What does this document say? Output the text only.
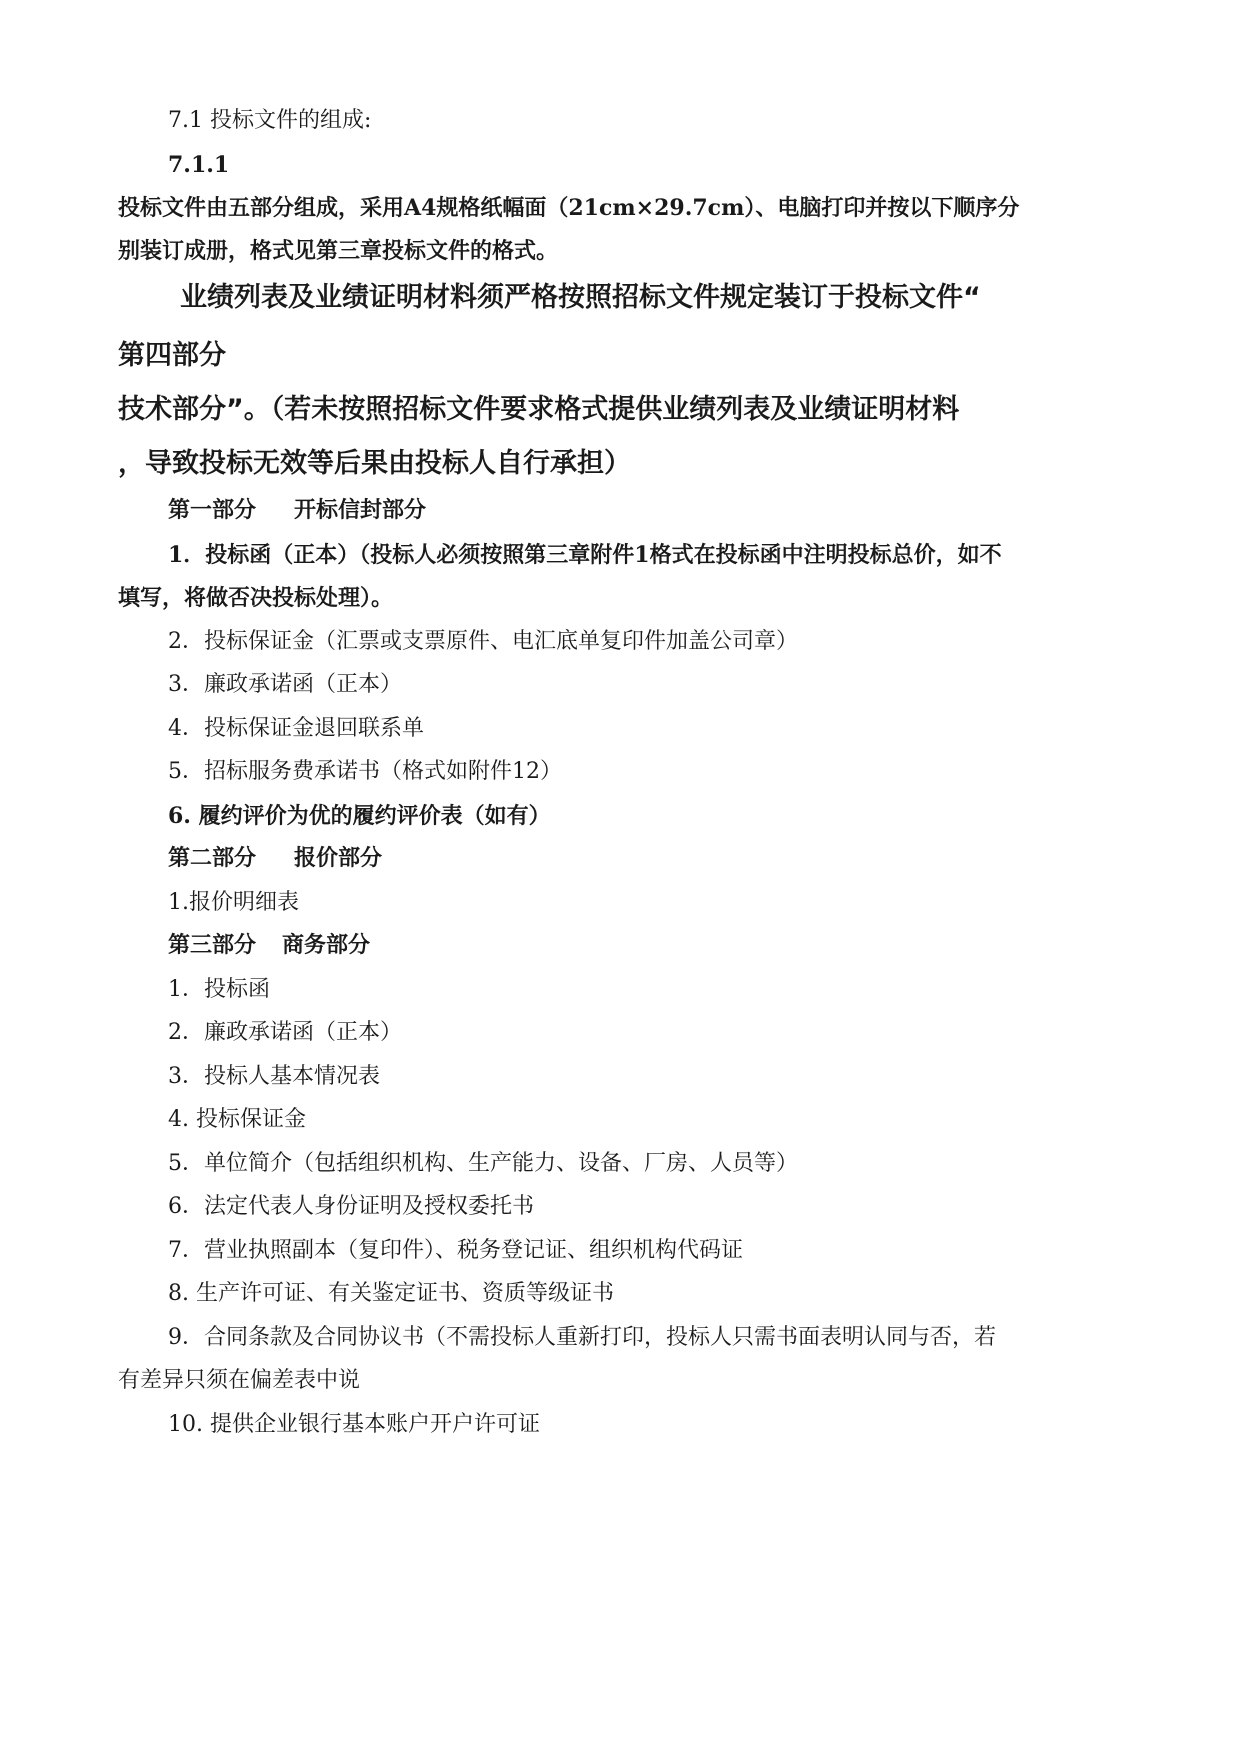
7.1 投标文件的组成:
7.1.1
投标文件由五部分组成，采用A4规格纸幅面（21cm×29.7cm）、电脑打印并按以下顺序分
别装订成册，格式见第三章投标文件的格式。
业绩列表及业绩证明材料须严格按照招标文件规定装订于投标文件“
第四部分
技术部分”。（若未按照招标文件要求格式提供业绩列表及业绩证明材料
，导致投标无效等后果由投标人自行承担）
第一部分 开标信封部分
1．投标函（正本）（投标人必须按照第三章附件1格式在投标函中注明投标总价，如不
填写，将做否决投标处理）。
2．投标保证金（汇票或支票原件、电汇底单复印件加盖公司章）
3．廉政承诺函（正本）
4．投标保证金退回联系单
5．招标服务费承诺书（格式如附件12）
6. 履约评价为优的履约评价表（如有）
第二部分 报价部分
1.报价明细表
第三部分 商务部分
1．投标函
2．廉政承诺函（正本）
3．投标人基本情况表
4. 投标保证金
5．单位简介（包括组织机构、生产能力、设备、厂房、人员等）
6．法定代表人身份证明及授权委托书
7．营业执照副本（复印件）、税务登记证、组织机构代码证
8. 生产许可证、有关鉴定证书、资质等级证书
9．合同条款及合同协议书（不需投标人重新打印，投标人只需书面表明认同与否，若
有差异只须在偏差表中说
10. 提供企业银行基本账户开户许可证
